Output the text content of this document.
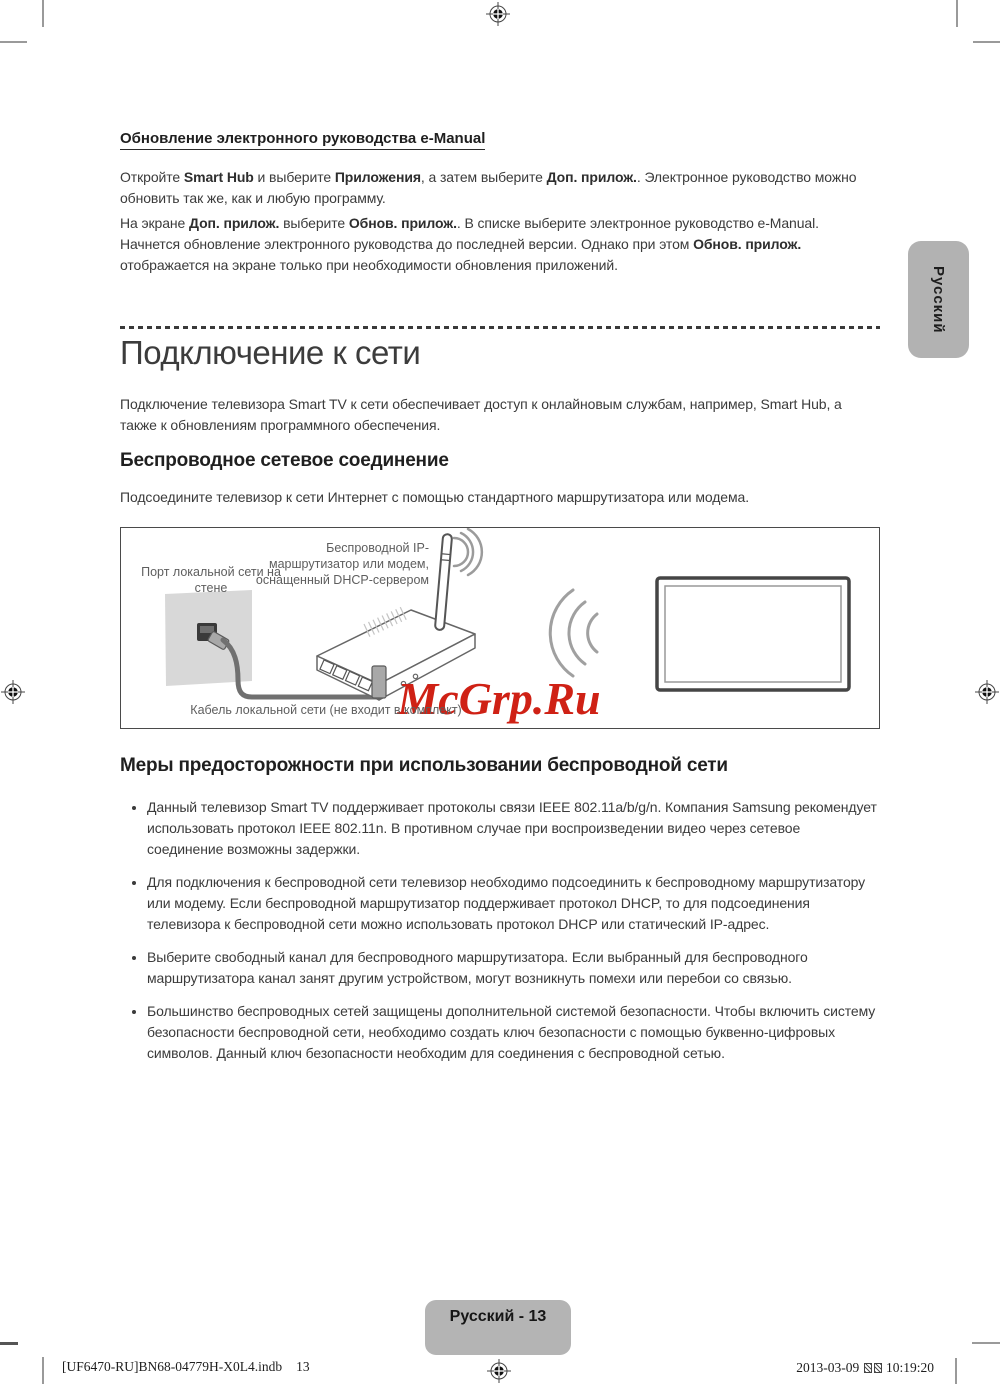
Обновление электронного руководства e-Manual

Откройте Smart Hub и выберите Приложения, а затем выберите Доп. прилож.. Электронное руководство можно обновить так же, как и любую программу.

На экране Доп. прилож. выберите Обнов. прилож.. В списке выберите электронное руководство e-Manual. Начнется обновление электронного руководства до последней версии. Однако при этом Обнов. прилож. отображается на экране только при необходимости обновления приложений.

Подключение к сети

Подключение телевизора Smart TV к сети обеспечивает доступ к онлайновым службам, например, Smart Hub, а также к обновлениям программного обеспечения.

Беспроводное сетевое соединение

Подсоедините телевизор к сети Интернет с помощью стандартного маршрутизатора или модема.

McGrp.Ru
Порт локальной сети на стене
Беспроводной IP-маршрутизатор или модем, оснащенный DHCP-сервером
Кабель локальной сети (не входит в комплект)
Меры предосторожности при использовании беспроводной сети
• Данный телевизор Smart TV поддерживает протоколы связи IEEE 802.11a/b/g/n. Компания Samsung рекомендует использовать протокол IEEE 802.11n. В противном случае при воспроизведении видео через сетевое соединение возможны задержки.
• Для подключения к беспроводной сети телевизор необходимо подсоединить к беспроводному маршрутизатору или модему. Если беспроводной маршрутизатор поддерживает протокол DHCP, то для подсоединения телевизора к беспроводной сети можно использовать протокол DHCP или статический IP-адрес.
• Выберите свободный канал для беспроводного маршрутизатора. Если выбранный для беспроводного маршрутизатора канал занят другим устройством, могут возникнуть помехи или перебои со связью.
• Большинство беспроводных сетей защищены дополнительной системой безопасности. Чтобы включить систему безопасности беспроводной сети, необходимо создать ключ безопасности с помощью буквенно-цифровых символов. Данный ключ безопасности необходим для соединения с беспроводной сетью.
Русский
Русский - 13
[UF6470-RU]BN68-04779H-X0L4.indb 13	2013-03-09 10:19:20
